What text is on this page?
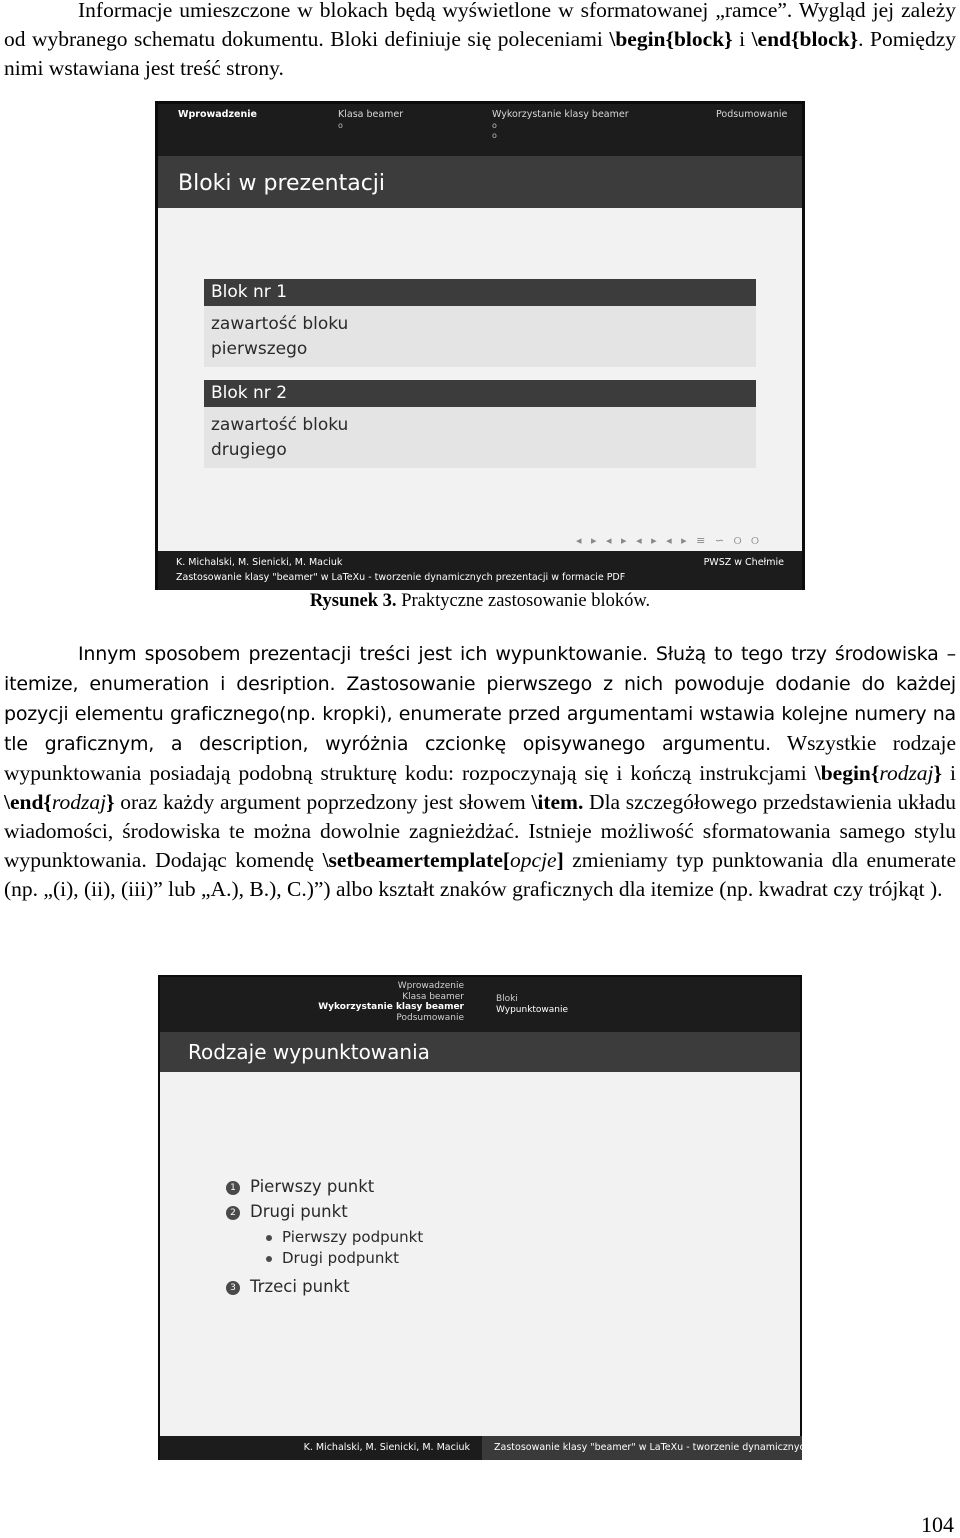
Informacje umieszczone w blokach będą wyświetlone w sformatowanej „ramce”. Wygląd jej zależy od wybranego schematu dokumentu. Bloki definiuje się poleceniami \begin{block} i \end{block}. Pomiędzy nimi wstawiana jest treść strony.
Wprowadzenie	Klasa beamer
o
Wykorzystanie klasy beamer
o
o
Podsumowanie
Bloki w prezentacji
Blok nr 1
zawartość bloku
pierwszego
Blok nr 2
zawartość bloku
drugiego
◂ ▸ ◂ ▸ ◂ ▸ ◂ ▸ ≡ ∽ ୦ ୦
K. Michalski, M. Sienicki, M. Maciuk	PWSZ w Chełmie
Zastosowanie klasy "beamer" w LaTeXu - tworzenie dynamicznych prezentacji w formacie PDF
Rysunek 3. Praktyczne zastosowanie bloków.
Innym sposobem prezentacji treści jest ich wypunktowanie. Służą to tego trzy środowiska – itemize, enumeration i desription. Zastosowanie pierwszego z nich powoduje dodanie do każdej pozycji elementu graficznego(np. kropki), enumerate przed argumentami wstawia kolejne numery na tle graficznym, a description, wyróżnia czcionkę opisywanego argumentu. Wszystkie rodzaje wypunktowania posiadają podobną strukturę kodu: rozpoczynają się i kończą instrukcjami \begin{rodzaj} i \end{rodzaj} oraz każdy argument poprzedzony jest słowem \item. Dla szczegółowego przedstawienia układu wiadomości, środowiska te można dowolnie zagnieżdżać. Istnieje możliwość sformatowania samego stylu wypunktowania. Dodając komendę \setbeamertemplate[opcje] zmieniamy typ punktowania dla enumerate (np. „(i), (ii), (iii)” lub „A.), B.), C.)”) albo kształt znaków graficznych dla itemize (np. kwadrat czy trójkąt ).
Wprowadzenie
Klasa beamer
Wykorzystanie klasy beamer
Podsumowanie
Bloki
Wypunktowanie
Rodzaje wypunktowania
1 Pierwszy punkt
2 Drugi punkt
Pierwszy podpunkt
Drugi podpunkt
3 Trzeci punkt
K. Michalski, M. Sienicki, M. Maciuk	Zastosowanie klasy "beamer" w LaTeXu - tworzenie dynamicznych prezentacji
104
